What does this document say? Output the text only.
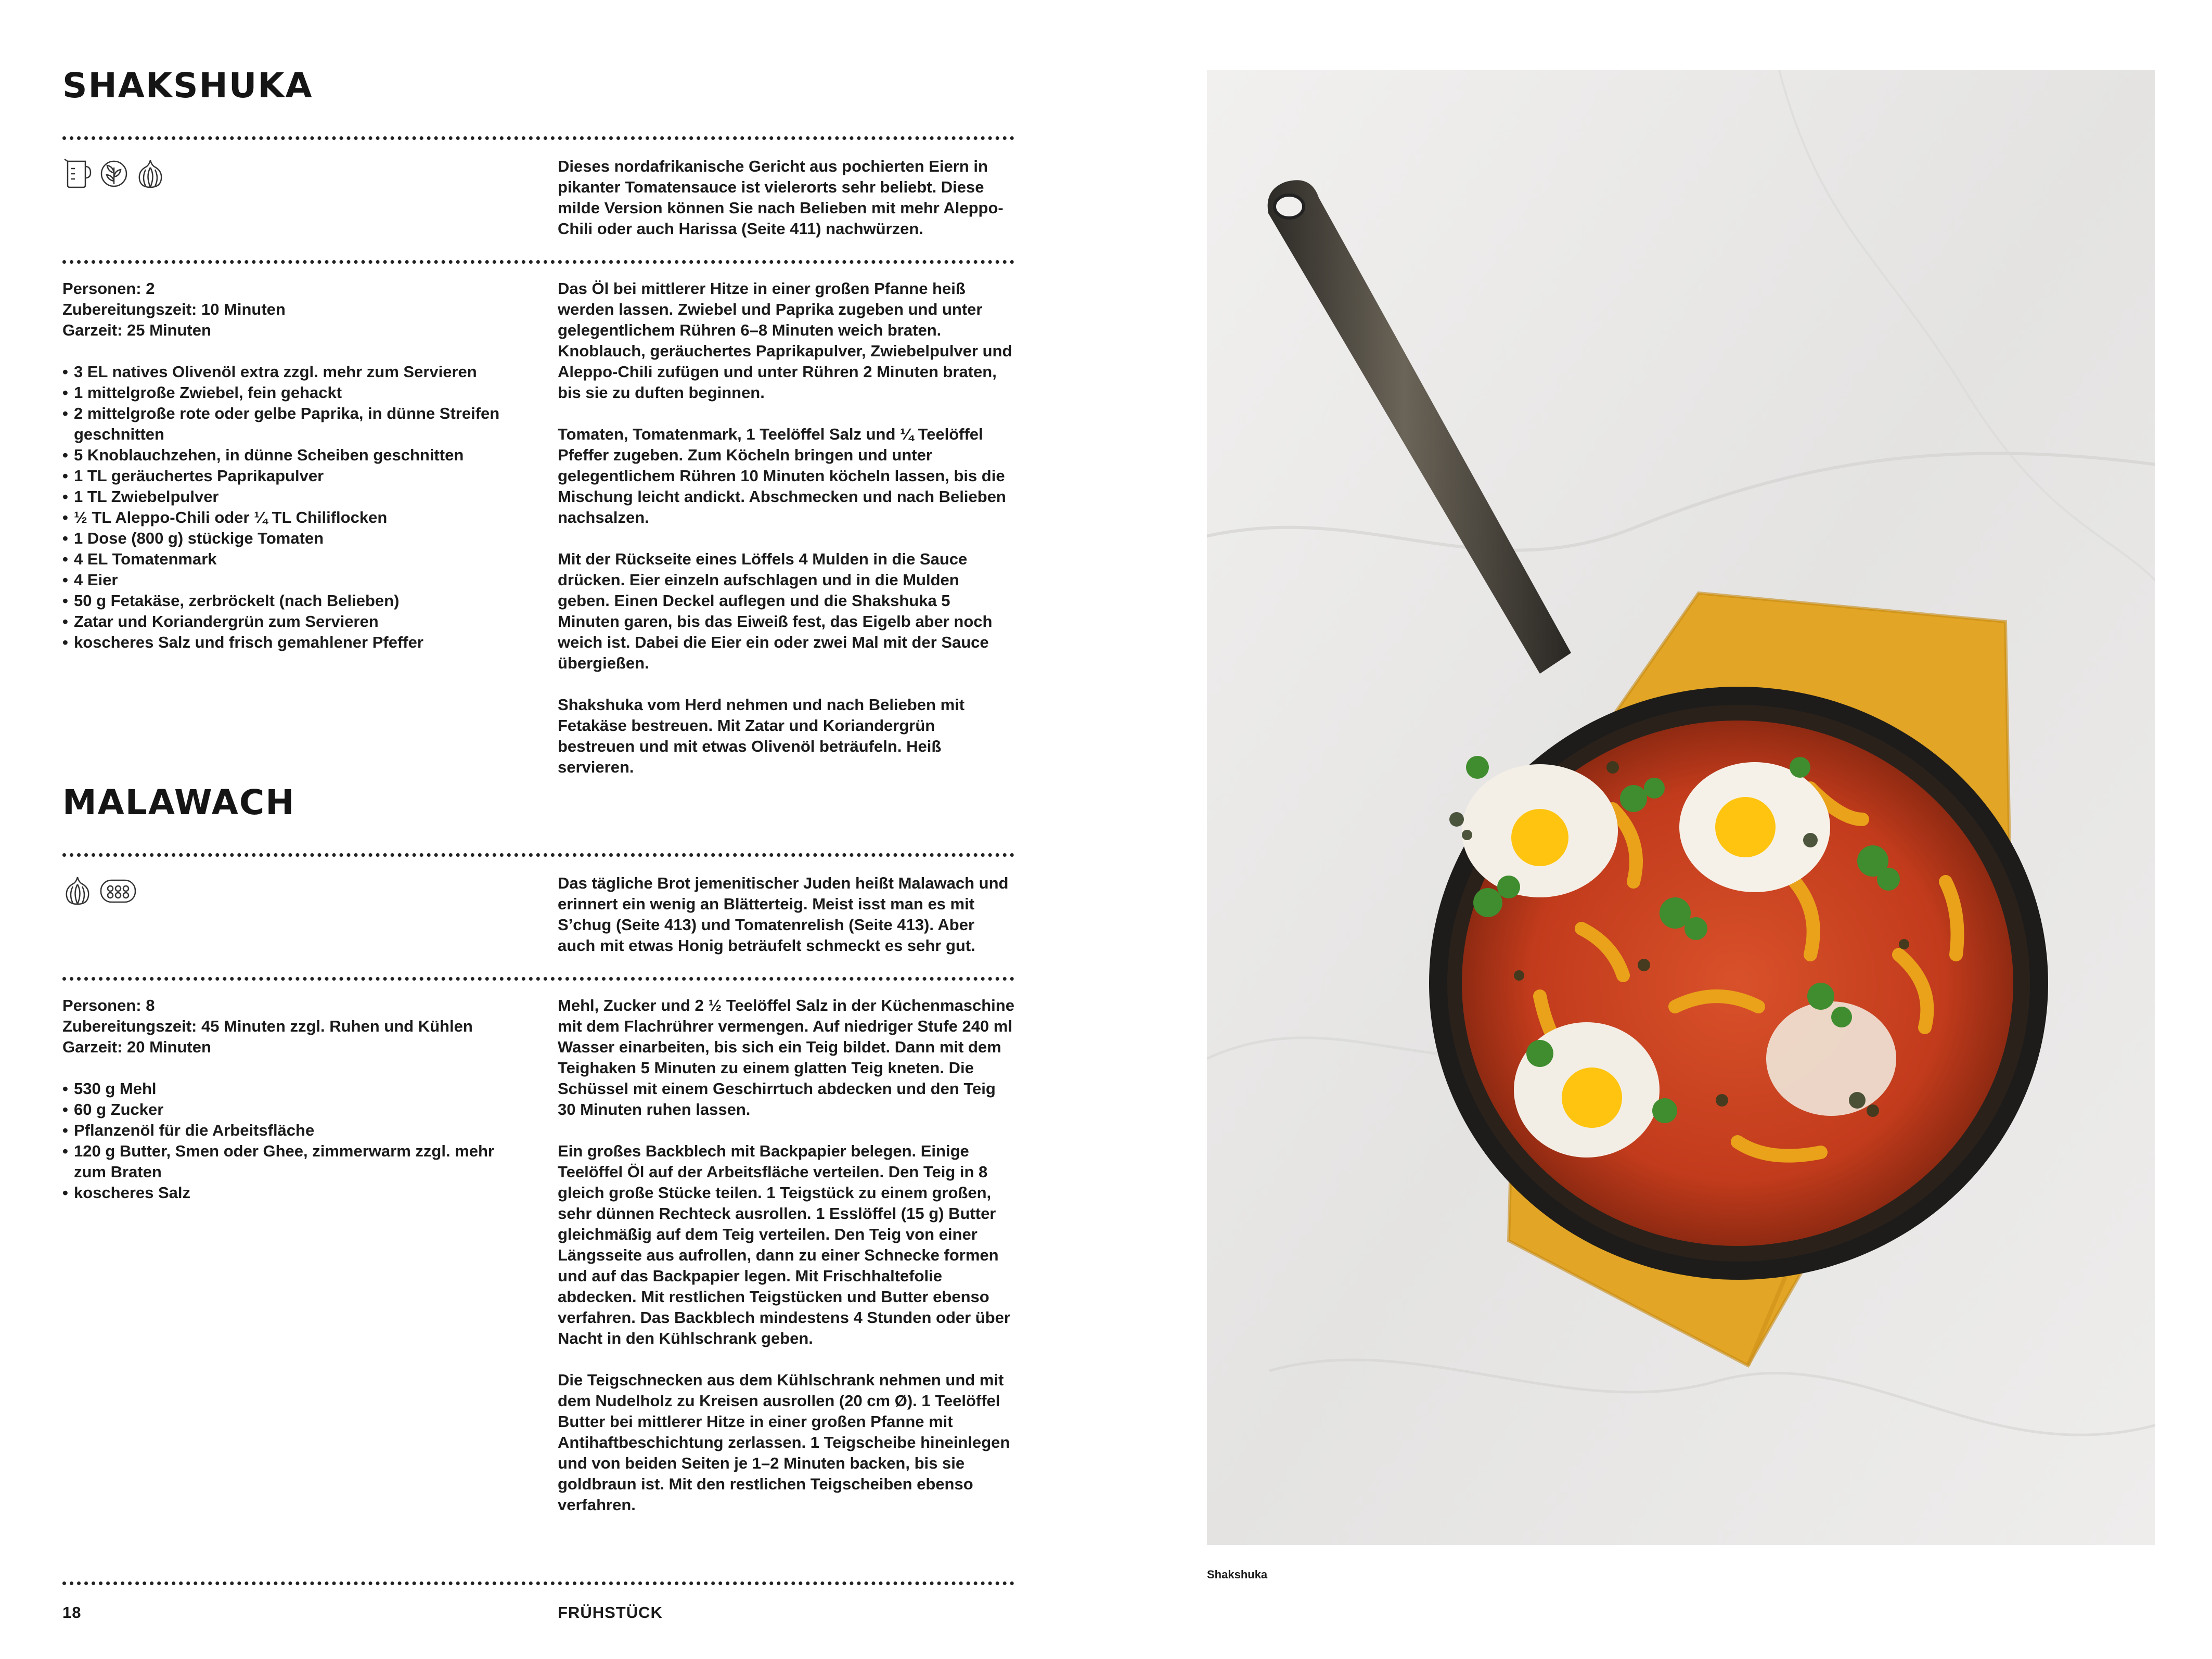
SHAKSHUKA
Dieses nordafrikanische Gericht aus pochierten Eiern in pikanter Tomatensauce ist vielerorts sehr beliebt. Diese milde Version können Sie nach Belieben mit mehr Aleppo-Chili oder auch Harissa (Seite 411) nachwürzen.
Personen: 2
Zubereitungszeit: 10 Minuten
Garzeit: 25 Minuten
• 3 EL natives Olivenöl extra zzgl. mehr zum Servieren
• 1 mittelgroße Zwiebel, fein gehackt
• 2 mittelgroße rote oder gelbe Paprika, in dünne Streifen geschnitten
• 5 Knoblauchzehen, in dünne Scheiben geschnitten
• 1 TL geräuchertes Paprikapulver
• 1 TL Zwiebelpulver
• ½ TL Aleppo-Chili oder ¼ TL Chiliflocken
• 1 Dose (800 g) stückige Tomaten
• 4 EL Tomatenmark
• 4 Eier
• 50 g Fetakäse, zerbröckelt (nach Belieben)
• Zatar und Koriandergrün zum Servieren
• koscheres Salz und frisch gemahlener Pfeffer

Das Öl bei mittlerer Hitze in einer großen Pfanne heiß werden lassen. Zwiebel und Paprika zugeben und unter gelegentlichem Rühren 6–8 Minuten weich braten. Knoblauch, geräuchertes Paprikapulver, Zwiebelpulver und Aleppo-Chili zufügen und unter Rühren 2 Minuten braten, bis sie zu duften beginnen.

Tomaten, Tomatenmark, 1 Teelöffel Salz und ¼ Teelöffel Pfeffer zugeben. Zum Köcheln bringen und unter gelegentlichem Rühren 10 Minuten köcheln lassen, bis die Mischung leicht andickt. Abschmecken und nach Belieben nachsalzen.

Mit der Rückseite eines Löffels 4 Mulden in die Sauce drücken. Eier einzeln aufschlagen und in die Mulden geben. Einen Deckel auflegen und die Shakshuka 5 Minuten garen, bis das Eiweiß fest, das Eigelb aber noch weich ist. Dabei die Eier ein oder zwei Mal mit der Sauce übergießen.

Shakshuka vom Herd nehmen und nach Belieben mit Fetakäse bestreuen. Mit Zatar und Koriandergrün bestreuen und mit etwas Olivenöl beträufeln. Heiß servieren.

MALAWACH
Das tägliche Brot jemenitischer Juden heißt Malawach und erinnert ein wenig an Blätterteig. Meist isst man es mit S’chug (Seite 413) und Tomatenrelish (Seite 413). Aber auch mit etwas Honig beträufelt schmeckt es sehr gut.
Personen: 8
Zubereitungszeit: 45 Minuten zzgl. Ruhen und Kühlen
Garzeit: 20 Minuten
• 530 g Mehl
• 60 g Zucker
• Pflanzenöl für die Arbeitsfläche
• 120 g Butter, Smen oder Ghee, zimmerwarm zzgl. mehr zum Braten
• koscheres Salz

Mehl, Zucker und 2 ½ Teelöffel Salz in der Küchenmaschine mit dem Flachrührer vermengen. Auf niedriger Stufe 240 ml Wasser einarbeiten, bis sich ein Teig bildet. Dann mit dem Teighaken 5 Minuten zu einem glatten Teig kneten. Die Schüssel mit einem Geschirrtuch abdecken und den Teig 30 Minuten ruhen lassen.

Ein großes Backblech mit Backpapier belegen. Einige Teelöffel Öl auf der Arbeitsfläche verteilen. Den Teig in 8 gleich große Stücke teilen. 1 Teigstück zu einem großen, sehr dünnen Rechteck ausrollen. 1 Esslöffel (15 g) Butter gleichmäßig auf dem Teig verteilen. Den Teig von einer Längsseite aus aufrollen, dann zu einer Schnecke formen und auf das Backpapier legen. Mit Frischhaltefolie abdecken. Mit restlichen Teigstücken und Butter ebenso verfahren. Das Backblech mindestens 4 Stunden oder über Nacht in den Kühlschrank geben.

Die Teigschnecken aus dem Kühlschrank nehmen und mit dem Nudelholz zu Kreisen ausrollen (20 cm Ø). 1 Teelöffel Butter bei mittlerer Hitze in einer großen Pfanne mit Antihaftbeschichtung zerlassen. 1 Teigscheibe hineinlegen und von beiden Seiten je 1–2 Minuten backen, bis sie goldbraun ist. Mit den restlichen Teigscheiben ebenso verfahren.

18	FRÜHSTÜCK
Shakshuka
